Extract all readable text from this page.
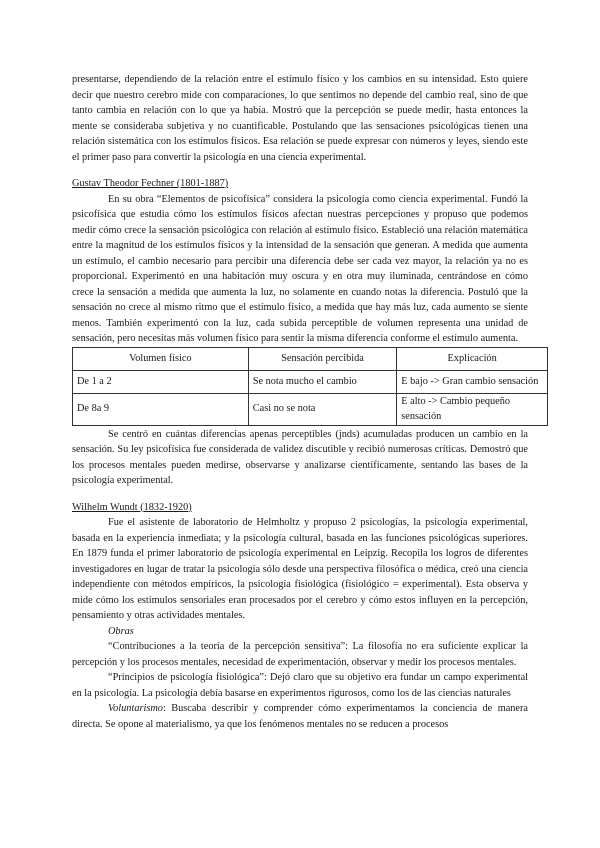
presentarse, dependiendo de la relación entre el estímulo físico y los cambios en su intensidad. Esto quiere decir que nuestro cerebro mide con comparaciones, lo que sentimos no depende del cambio real, sino de que tanto cambia en relación con lo que ya había. Mostró que la percepción se puede medir, hasta entonces la mente se consideraba subjetiva y no cuantificable. Postulando que las sensaciones psicológicas tienen una relación sistemática con los estímulos físicos. Esa relación se puede expresar con números y leyes, siendo este el primer paso para convertir la psicología en una ciencia experimental.

Gustav Theodor Fechner (1801-1887)

En su obra “Elementos de psicofísica” considera la psicología como ciencia experimental. Fundó la psicofísica que estudia cómo los estímulos físicos afectan nuestras percepciones y propuso que podemos medir cómo crece la sensación psicológica con relación al estímulo físico. Estableció una relación matemática entre la magnitud de los estímulos físicos y la intensidad de la sensación que generan. A medida que aumenta un estímulo, el cambio necesario para percibir una diferencia debe ser cada vez mayor, la relación ya no es proporcional. Experimentó en una habitación muy oscura y en otra muy iluminada, centrándose en cómo crece la sensación a medida que aumenta la luz, no solamente en cuando notas la diferencia. Postuló que la sensación no crece al mismo ritmo que el estímulo físico, a medida que hay más luz, cada aumento se siente menos. También experimentó con la luz, cada subida perceptible de volumen representa una unidad de sensación, pero necesitas más volumen físico para sentir la misma diferencia conforme el estímulo aumenta.

Volumen físico	Sensación percibida	Explicación
De 1 a 2	Se nota mucho el cambio	E bajo -> Gran cambio sensación
De 8a 9	Casi no se nota	E alto -> Cambio pequeño sensación

Se centró en cuántas diferencias apenas perceptibles (jnds) acumuladas producen un cambio en la sensación. Su ley psicofísica fue considerada de validez discutible y recibió numerosas críticas. Demostró que los procesos mentales pueden medirse, observarse y analizarse científicamente, sentando las bases de la psicología experimental.

Wilhelm Wundt (1832-1920)

Fue el asistente de laboratorio de Helmholtz y propuso 2 psicologías, la psicología experimental, basada en la experiencia inmediata; y la psicología cultural, basada en las funciones psicológicas superiores. En 1879 funda el primer laboratorio de psicología experimental en Leipzig. Recopila los logros de diferentes investigadores en lugar de tratar la psicología sólo desde una perspectiva filosófica o médica, creó una ciencia independiente con métodos empíricos, la psicología fisiológica (fisiológico = experimental). Esta observa y mide cómo los estímulos sensoriales eran procesados por el cerebro y cómo estos influyen en la percepción, pensamiento y otras actividades mentales.

Obras

“Contribuciones a la teoría de la percepción sensitiva”: La filosofía no era suficiente explicar la percepción y los procesos mentales, necesidad de experimentación, observar y medir los procesos mentales.

“Principios de psicología fisiológica”: Dejó claro que su objetivo era fundar un campo experimental en la psicología. La psicología debía basarse en experimentos rigurosos, como los de las ciencias naturales

Voluntarismo: Buscaba describir y comprender cómo experimentamos la conciencia de manera directa. Se opone al materialismo, ya que los fenómenos mentales no se reducen a procesos
